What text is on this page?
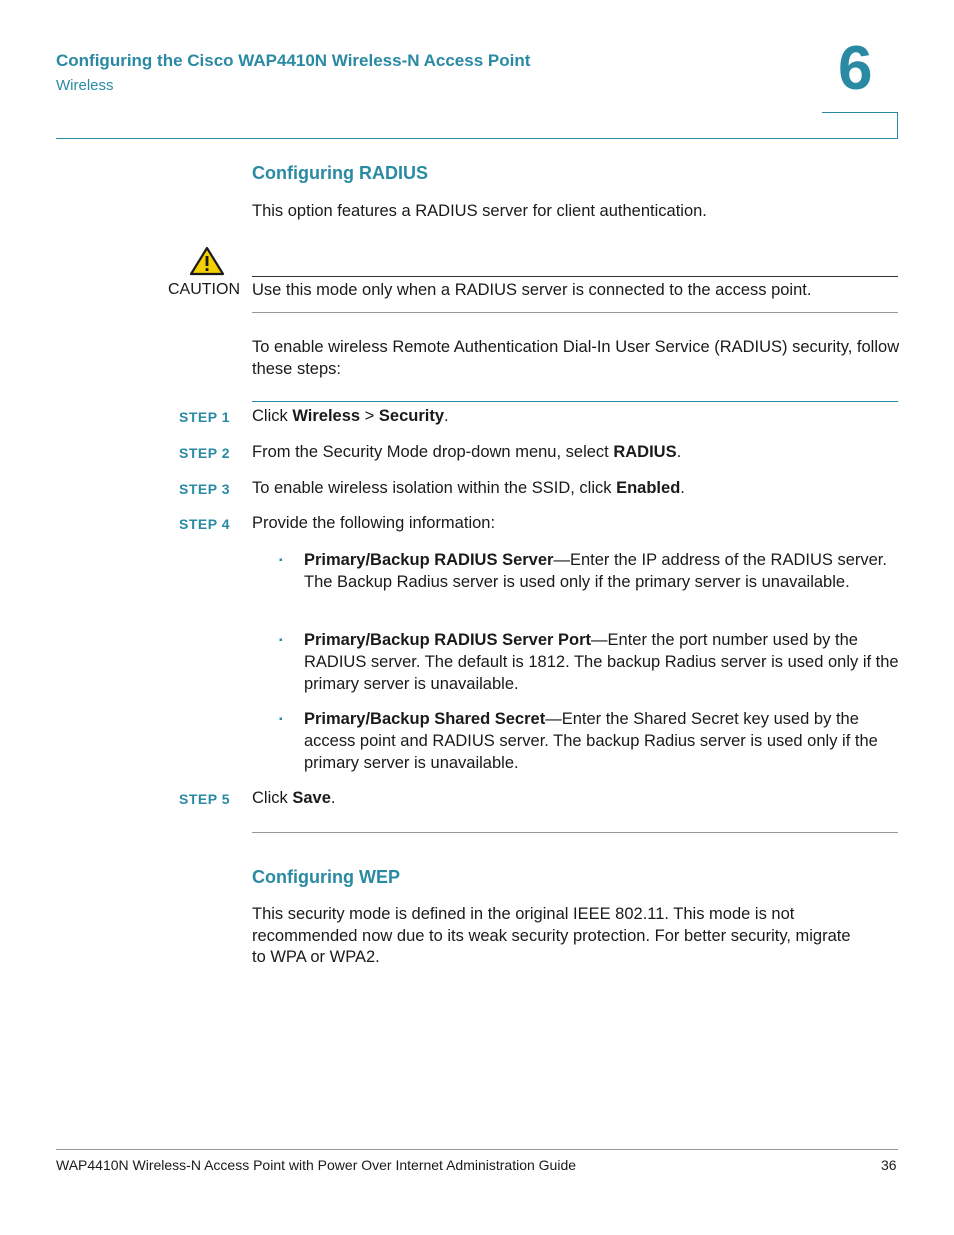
Configuring the Cisco WAP4410N Wireless-N Access Point
Wireless	6
Configuring RADIUS
This option features a RADIUS server for client authentication.
CAUTION Use this mode only when a RADIUS server is connected to the access point.
To enable wireless Remote Authentication Dial-In User Service (RADIUS) security, follow these steps:
STEP 1 Click Wireless > Security.
STEP 2 From the Security Mode drop-down menu, select RADIUS.
STEP 3 To enable wireless isolation within the SSID, click Enabled.
STEP 4 Provide the following information:
▪ Primary/Backup RADIUS Server—Enter the IP address of the RADIUS server. The Backup Radius server is used only if the primary server is unavailable.
▪ Primary/Backup RADIUS Server Port—Enter the port number used by the RADIUS server. The default is 1812. The backup Radius server is used only if the primary server is unavailable.
▪ Primary/Backup Shared Secret—Enter the Shared Secret key used by the access point and RADIUS server. The backup Radius server is used only if the primary server is unavailable.
STEP 5 Click Save.
Configuring WEP
This security mode is defined in the original IEEE 802.11. This mode is not recommended now due to its weak security protection. For better security, migrate to WPA or WPA2.
WAP4410N Wireless-N Access Point with Power Over Internet Administration Guide	36
